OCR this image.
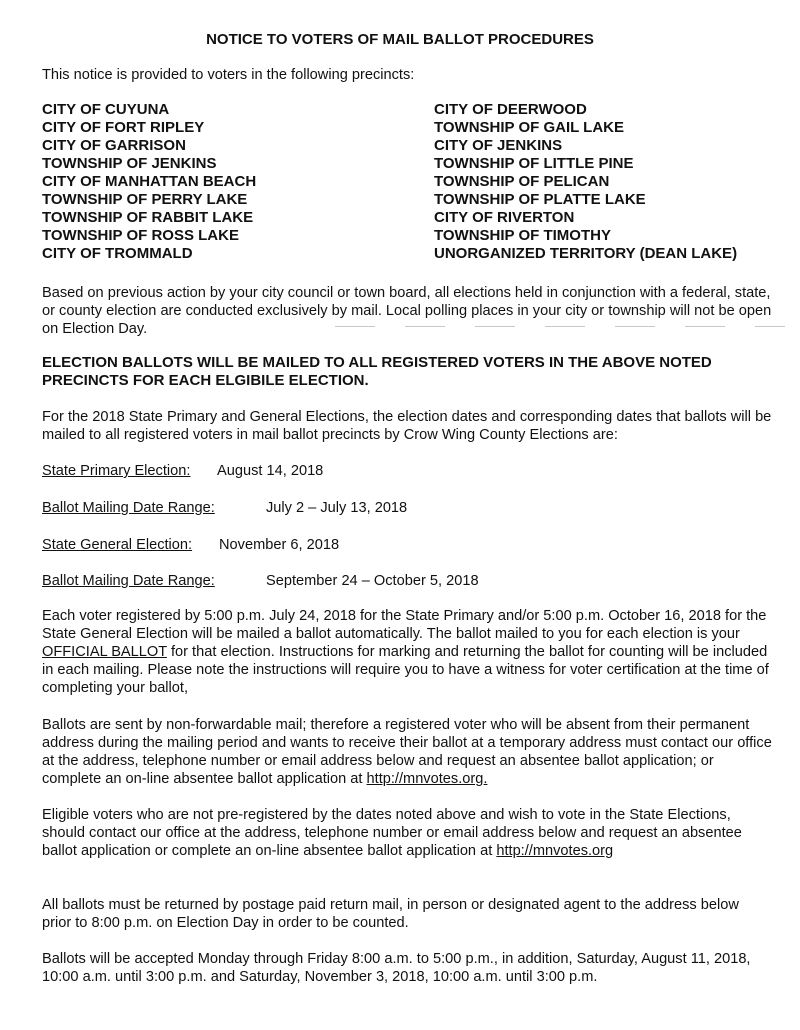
NOTICE TO VOTERS OF MAIL BALLOT PROCEDURES
This notice is provided to voters in the following precincts:
CITY OF CUYUNA
CITY OF FORT RIPLEY
CITY OF GARRISON
TOWNSHIP OF JENKINS
CITY OF MANHATTAN BEACH
TOWNSHIP OF PERRY LAKE
TOWNSHIP OF RABBIT LAKE
TOWNSHIP OF ROSS LAKE
CITY OF TROMMALD
CITY OF DEERWOOD
TOWNSHIP OF GAIL LAKE
CITY OF JENKINS
TOWNSHIP OF LITTLE PINE
TOWNSHIP OF PELICAN
TOWNSHIP OF PLATTE LAKE
CITY OF RIVERTON
TOWNSHIP OF TIMOTHY
UNORGANIZED TERRITORY (DEAN LAKE)
Based on previous action by your city council or town board, all elections held in conjunction with a federal, state, or county election are conducted exclusively by mail. Local polling places in your city or township will not be open on Election Day.
ELECTION BALLOTS WILL BE MAILED TO ALL REGISTERED VOTERS IN THE ABOVE NOTED PRECINCTS FOR EACH ELGIBILE ELECTION.
For the 2018 State Primary and General Elections, the election dates and corresponding dates that ballots will be mailed to all registered voters in mail ballot precincts by Crow Wing County Elections are:
State Primary Election: August 14, 2018
Ballot Mailing Date Range:	July 2 – July 13, 2018
State General Election: November 6, 2018
Ballot Mailing Date Range:	September 24 – October 5, 2018
Each voter registered by 5:00 p.m. July 24, 2018 for the State Primary and/or 5:00 p.m. October 16, 2018 for the State General Election will be mailed a ballot automatically. The ballot mailed to you for each election is your OFFICIAL BALLOT for that election. Instructions for marking and returning the ballot for counting will be included in each mailing. Please note the instructions will require you to have a witness for voter certification at the time of completing your ballot,
Ballots are sent by non-forwardable mail; therefore a registered voter who will be absent from their permanent address during the mailing period and wants to receive their ballot at a temporary address must contact our office at the address, telephone number or email address below and request an absentee ballot application; or complete an on-line absentee ballot application at http://mnvotes.org.
Eligible voters who are not pre-registered by the dates noted above and wish to vote in the State Elections, should contact our office at the address, telephone number or email address below and request an absentee ballot application or complete an on-line absentee ballot application at http://mnvotes.org
All ballots must be returned by postage paid return mail, in person or designated agent to the address below prior to 8:00 p.m. on Election Day in order to be counted.
Ballots will be accepted Monday through Friday 8:00 a.m. to 5:00 p.m., in addition, Saturday, August 11, 2018, 10:00 a.m. until 3:00 p.m. and Saturday, November 3, 2018, 10:00 a.m. until 3:00 p.m.
